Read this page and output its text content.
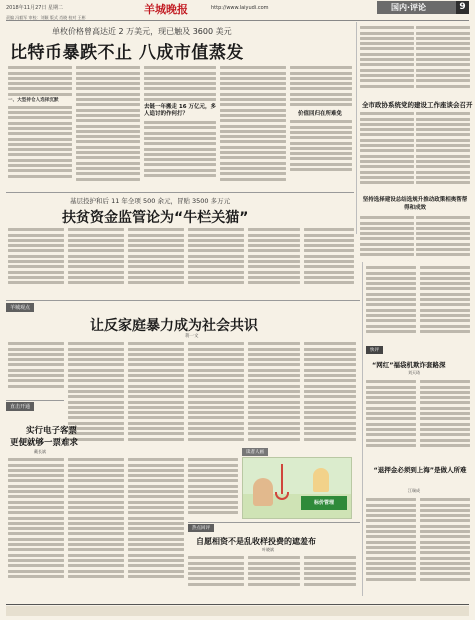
2018年11月27日 星期二	羊城晚报	http://www.laiyudi.com	国内·评论	9
责编 冯毅军 审校：刘颖 版式 肖晓 校对 王彬
单枚价格曾高达近 2 万美元，现已触及 3600 美元
比特币暴跌不止 八成市值蒸发
一、大型持仓人选择沉默
去链一年搬走 16 万亿元，多人追讨的作何打？	价值回归在所难免
全市政协系统党的建设工作座谈会召开
坚持选择建设总结选规升推动政策相奥帮帮得和成效
基层投护和后 11 年全项 500 余元，冒贴 3500 多万元
扶贫资金监管论为“牛栏关猫”
羊城观点
让反家庭暴力成为社会共识
蒋一文
直击开通
实行电子客票
更便就够一票难求
戴长斌	读者人画
标价管理
热点回评
自愿相资不是乱收样投费的遮羞布
叶晓斌
快评
“网红”福袋机欺诈套路深
刘天琦
“退押金必须到上海”是做人所难
江瑞成
